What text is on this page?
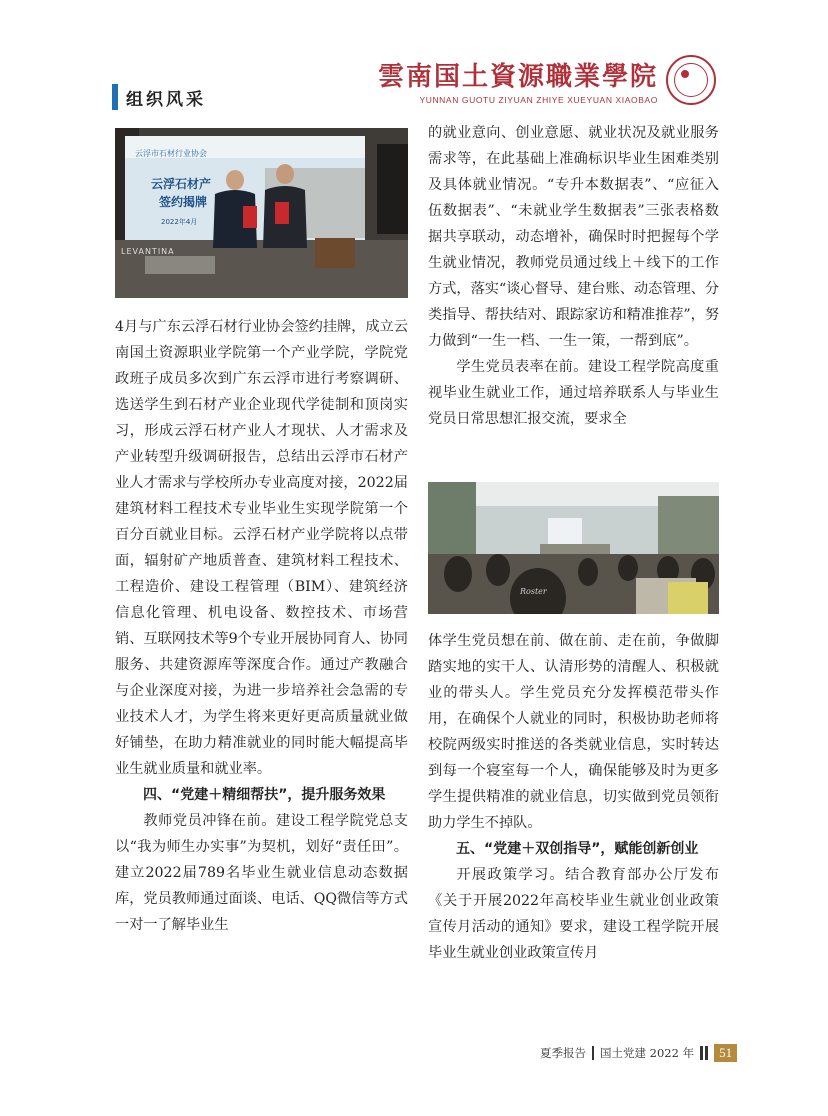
组织风采
雲南国土資源職業學院
YUNNAN GUOTU ZIYUAN ZHIYE XUEYUAN XIAOBAO
云浮市石材行业协会
云浮石材产
签约揭牌
2022年4月
LEVANTINA

4月与广东云浮石材行业协会签约挂牌，成立云南国土资源职业学院第一个产业学院，学院党政班子成员多次到广东云浮市进行考察调研、选送学生到石材产业企业现代学徒制和顶岗实习，形成云浮石材产业人才现状、人才需求及产业转型升级调研报告，总结出云浮市石材产业人才需求与学校所办专业高度对接，2022届建筑材料工程技术专业毕业生实现学院第一个百分百就业目标。云浮石材产业学院将以点带面，辐射矿产地质普查、建筑材料工程技术、工程造价、建设工程管理（BIM）、建筑经济信息化管理、机电设备、数控技术、市场营销、互联网技术等9个专业开展协同育人、协同服务、共建资源库等深度合作。通过产教融合与企业深度对接，为进一步培养社会急需的专业技术人才，为学生将来更好更高质量就业做好铺垫，在助力精准就业的同时能大幅提高毕业生就业质量和就业率。

四、“党建＋精细帮扶”，提升服务效果

教师党员冲锋在前。建设工程学院党总支以“我为师生办实事”为契机，划好“责任田”。建立2022届789名毕业生就业信息动态数据库，党员教师通过面谈、电话、QQ微信等方式一对一了解毕业生

的就业意向、创业意愿、就业状况及就业服务需求等，在此基础上准确标识毕业生困难类别及具体就业情况。“专升本数据表”、“应征入伍数据表”、“未就业学生数据表”三张表格数据共享联动，动态增补，确保时时把握每个学生就业情况，教师党员通过线上＋线下的工作方式，落实“谈心督导、建台账、动态管理、分类指导、帮扶结对、跟踪家访和精准推荐”，努力做到“一生一档、一生一策，一帮到底”。

学生党员表率在前。建设工程学院高度重视毕业生就业工作，通过培养联系人与毕业生党员日常思想汇报交流，要求全

Roster

体学生党员想在前、做在前、走在前，争做脚踏实地的实干人、认清形势的清醒人、积极就业的带头人。学生党员充分发挥模范带头作用，在确保个人就业的同时，积极协助老师将校院两级实时推送的各类就业信息，实时转达到每一个寝室每一个人，确保能够及时为更多学生提供精准的就业信息，切实做到党员领衔助力学生不掉队。

五、“党建＋双创指导”，赋能创新创业

开展政策学习。结合教育部办公厅发布《关于开展2022年高校毕业生就业创业政策宣传月活动的通知》要求，建设工程学院开展毕业生就业创业政策宣传月

夏季报告 国土党建 2022 年	51
